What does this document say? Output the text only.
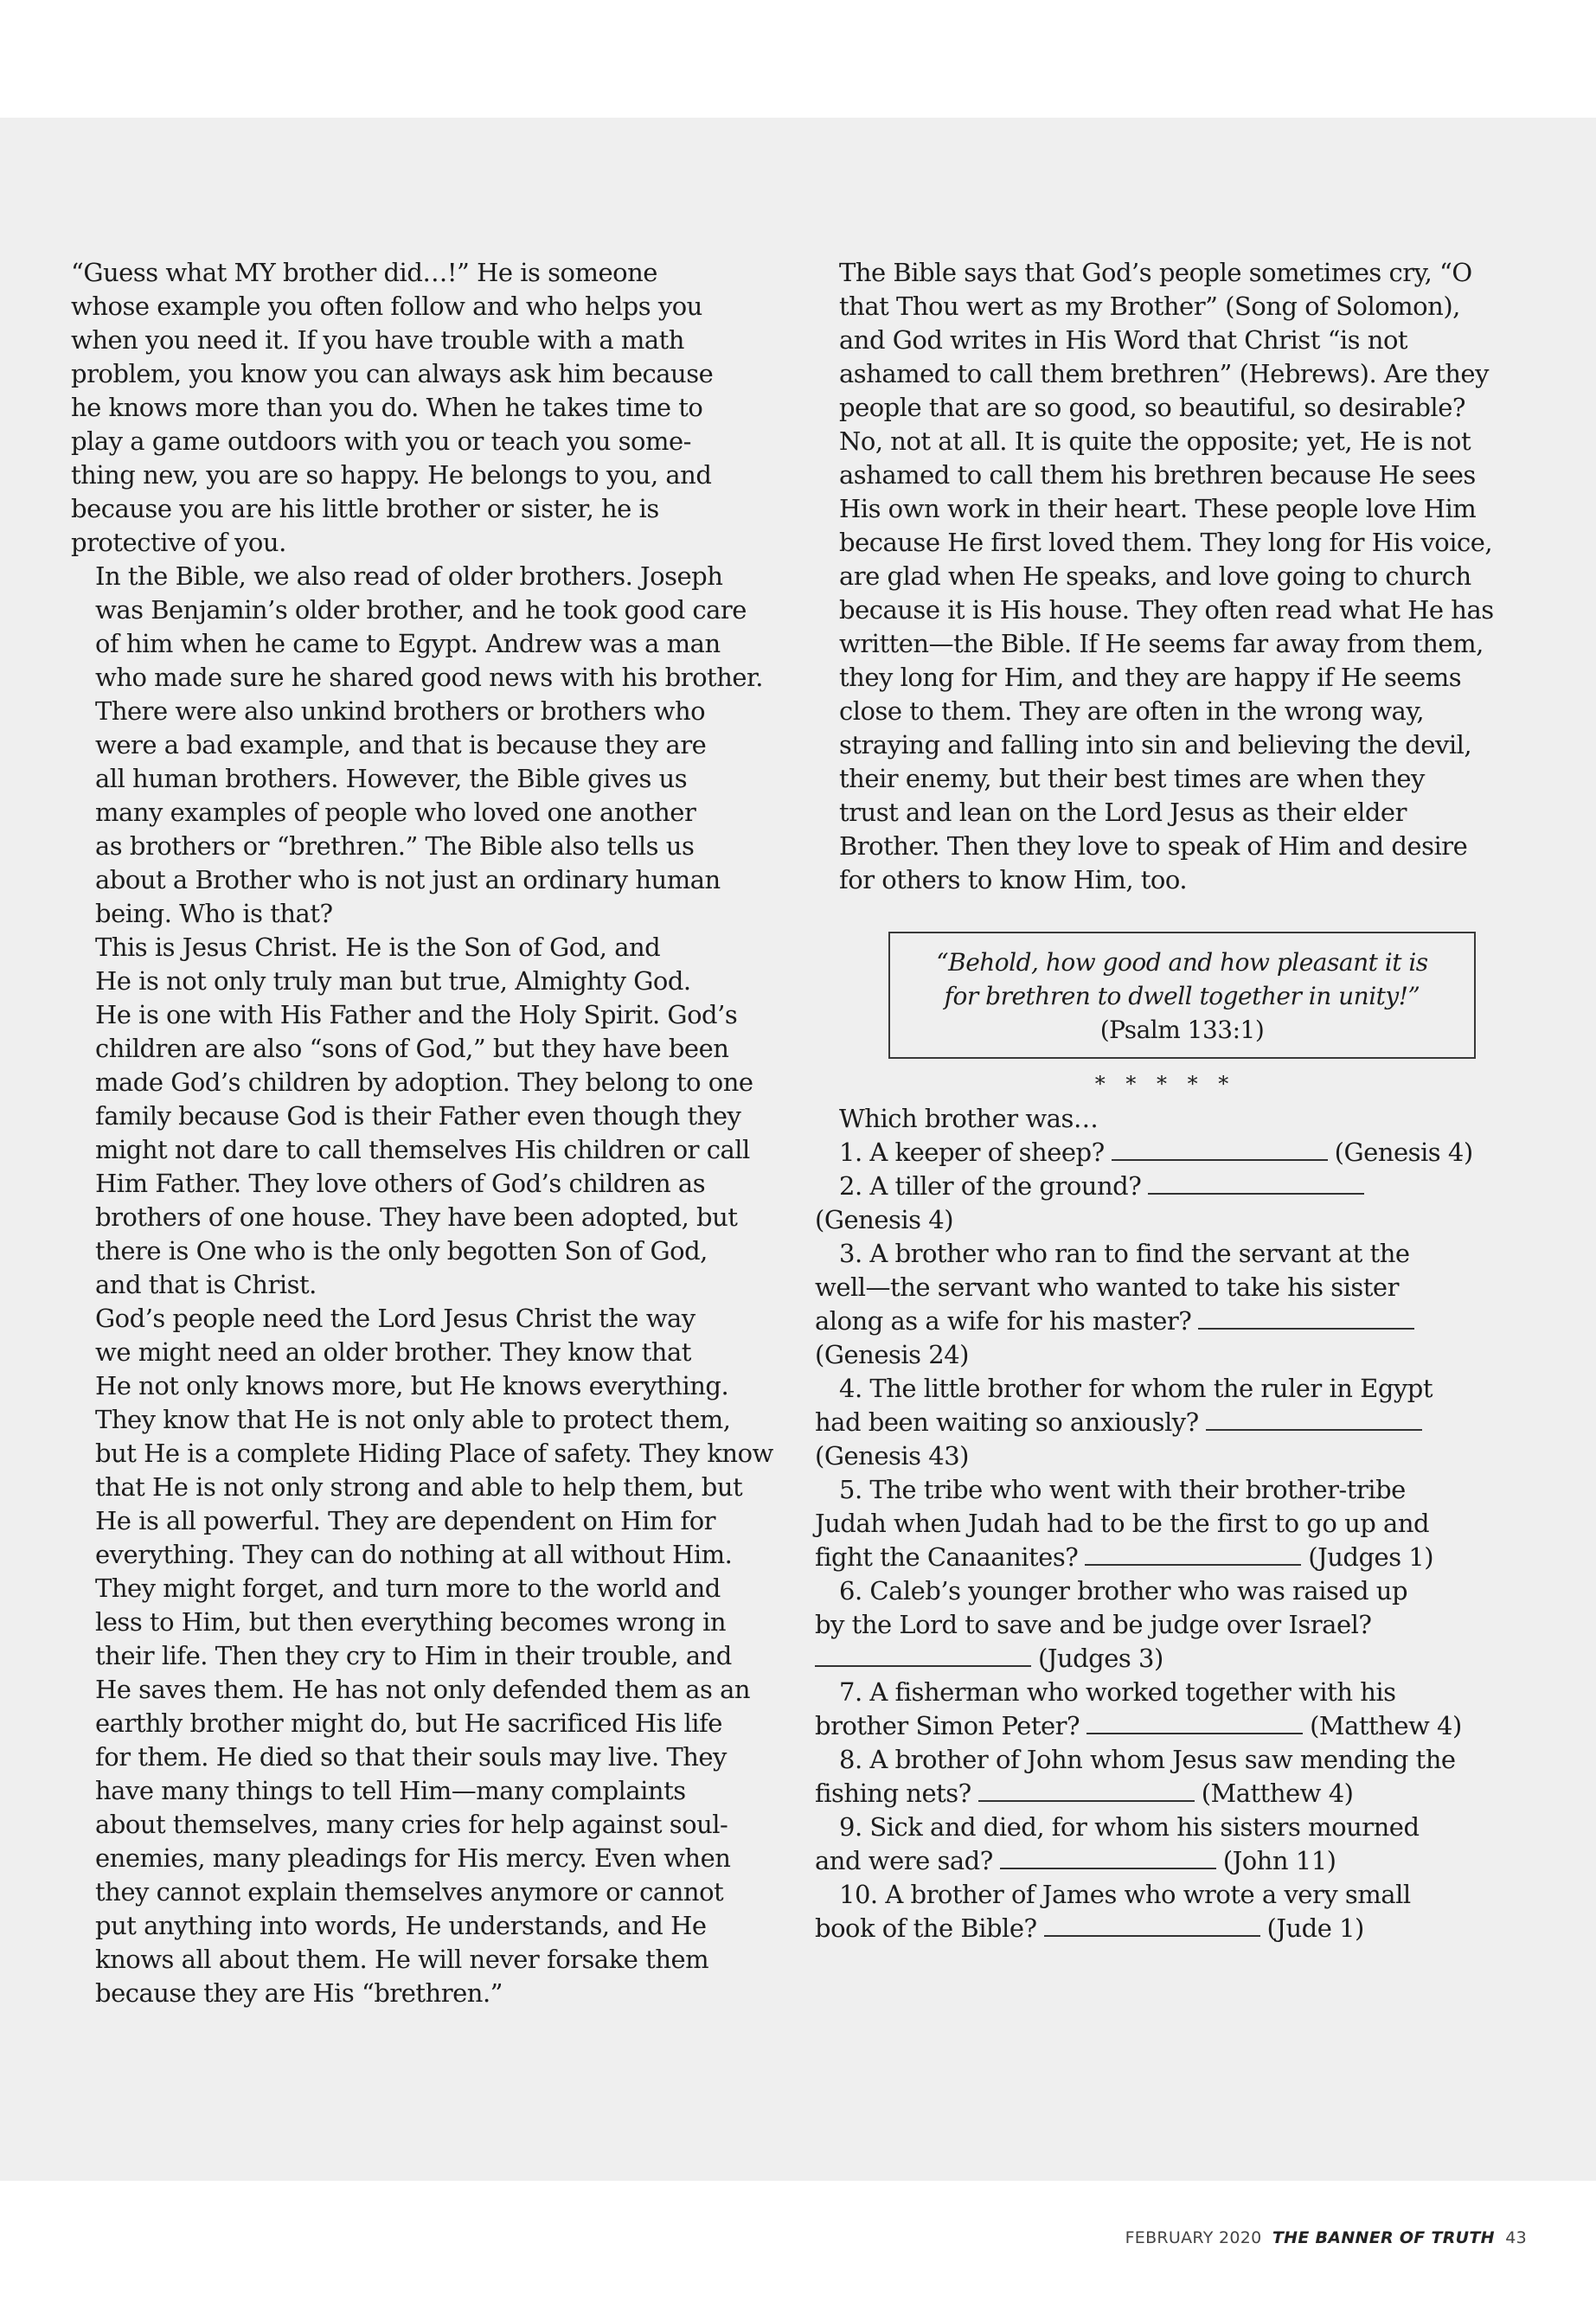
“Guess what MY brother did…!” He is someone
whose example you often follow and who helps you
when you need it. If you have trouble with a math
problem, you know you can always ask him because
he knows more than you do. When he takes time to
play a game outdoors with you or teach you some-
thing new, you are so happy. He belongs to you, and
because you are his little brother or sister, he is
protective of you.

In the Bible, we also read of older brothers. Joseph
was Benjamin’s older brother, and he took good care
of him when he came to Egypt. Andrew was a man
who made sure he shared good news with his brother.
There were also unkind brothers or brothers who
were a bad example, and that is because they are
all human brothers. However, the Bible gives us
many examples of people who loved one another
as brothers or “brethren.” The Bible also tells us
about a Brother who is not just an ordinary human
being. Who is that?

This is Jesus Christ. He is the Son of God, and
He is not only truly man but true, Almighty God.
He is one with His Father and the Holy Spirit. God’s
children are also “sons of God,” but they have been
made God’s children by adoption. They belong to one
family because God is their Father even though they
might not dare to call themselves His children or call
Him Father. They love others of God’s children as
brothers of one house. They have been adopted, but
there is One who is the only begotten Son of God,
and that is Christ.

God’s people need the Lord Jesus Christ the way
we might need an older brother. They know that
He not only knows more, but He knows everything.
They know that He is not only able to protect them,
but He is a complete Hiding Place of safety. They know
that He is not only strong and able to help them, but
He is all powerful. They are dependent on Him for
everything. They can do nothing at all without Him.
They might forget, and turn more to the world and
less to Him, but then everything becomes wrong in
their life. Then they cry to Him in their trouble, and
He saves them. He has not only defended them as an
earthly brother might do, but He sacrificed His life
for them. He died so that their souls may live. They
have many things to tell Him—many complaints
about themselves, many cries for help against soul-
enemies, many pleadings for His mercy. Even when
they cannot explain themselves anymore or cannot
put anything into words, He understands, and He
knows all about them. He will never forsake them
because they are His “brethren.”

The Bible says that God’s people sometimes cry, “O
that Thou wert as my Brother” (Song of Solomon),
and God writes in His Word that Christ “is not
ashamed to call them brethren” (Hebrews). Are they
people that are so good, so beautiful, so desirable?
No, not at all. It is quite the opposite; yet, He is not
ashamed to call them his brethren because He sees
His own work in their heart. These people love Him
because He first loved them. They long for His voice,
are glad when He speaks, and love going to church
because it is His house. They often read what He has
written—the Bible. If He seems far away from them,
they long for Him, and they are happy if He seems
close to them. They are often in the wrong way,
straying and falling into sin and believing the devil,
their enemy, but their best times are when they
trust and lean on the Lord Jesus as their elder
Brother. Then they love to speak of Him and desire
for others to know Him, too.

“Behold, how good and how pleasant it is
for brethren to dwell together in unity!”
(Psalm 133:1)
* * * * *

Which brother was…

1. A keeper of sheep?	(Genesis 4)
2. A tiller of the ground?
(Genesis 4)
3. A brother who ran to find the servant at the
well—the servant who wanted to take his sister
along as a wife for his master?
(Genesis 24)
4. The little brother for whom the ruler in Egypt
had been waiting so anxiously?
(Genesis 43)
5. The tribe who went with their brother-tribe
Judah when Judah had to be the first to go up and
fight the Canaanites?	(Judges 1)
6. Caleb’s younger brother who was raised up
by the Lord to save and be judge over Israel?
(Judges 3)
7. A fisherman who worked together with his
brother Simon Peter?	(Matthew 4)
8. A brother of John whom Jesus saw mending the
fishing nets?	(Matthew 4)
9. Sick and died, for whom his sisters mourned
and were sad?	(John 11)
10. A brother of James who wrote a very small
book of the Bible?	(Jude 1)
FEBRUARY 2020 THE BANNER OF TRUTH 43
